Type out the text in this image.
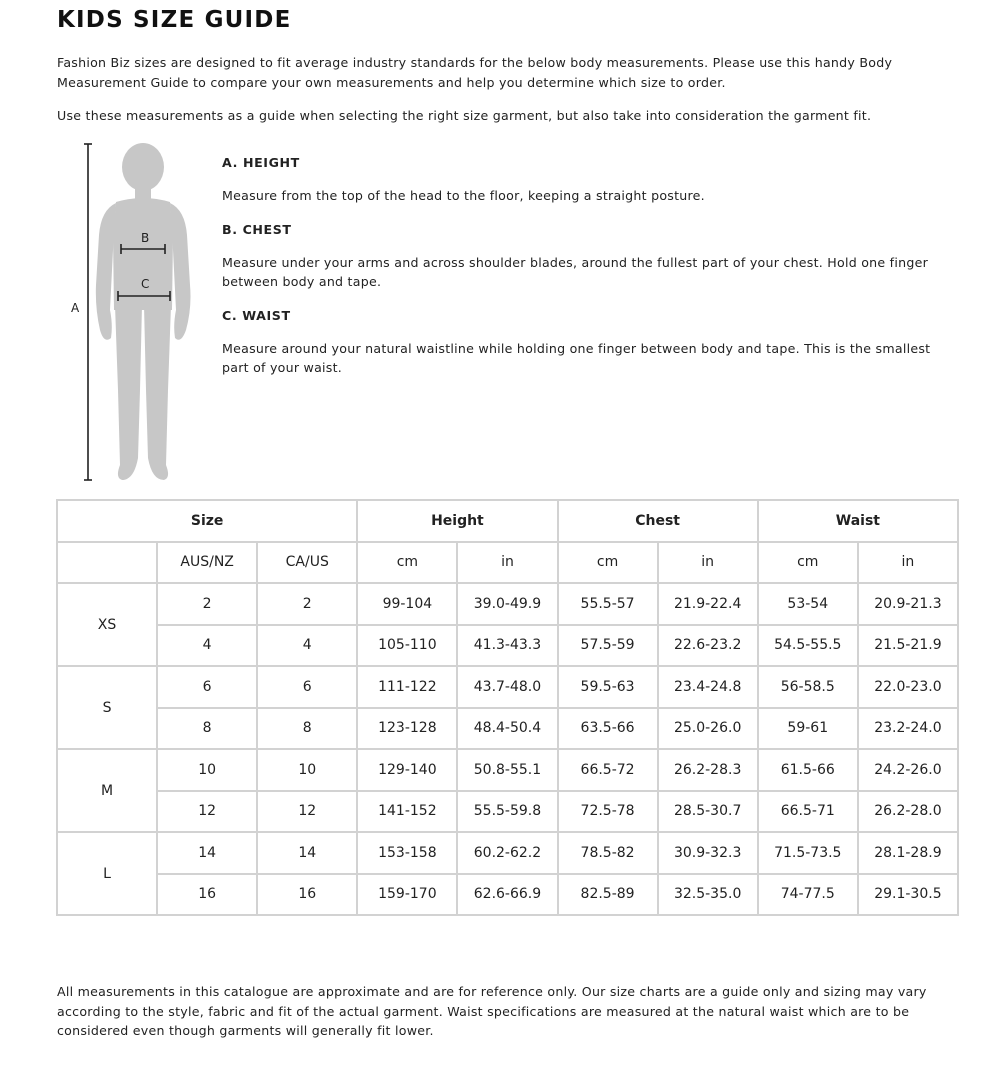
KIDS SIZE GUIDE

Fashion Biz sizes are designed to fit average industry standards for the below body measurements. Please use this handy Body Measurement Guide to compare your own measurements and help you determine which size to order.

Use these measurements as a guide when selecting the right size garment, but also take into consideration the garment fit.

A
B
C

A. HEIGHT

Measure from the top of the head to the floor, keeping a straight posture.

B. CHEST

Measure under your arms and across shoulder blades, around the fullest part of your chest. Hold one finger between body and tape.

C. WAIST

Measure around your natural waistline while holding one finger between body and tape. This is the smallest part of your waist.

Size			Height		Chest		Waist	
	AUS/NZ	CA/US	cm	in	cm	in	cm	in
XS	2	2	99-104	39.0-49.9	55.5-57	21.9-22.4	53-54	20.9-21.3
	4	4	105-110	41.3-43.3	57.5-59	22.6-23.2	54.5-55.5	21.5-21.9
S	6	6	111-122	43.7-48.0	59.5-63	23.4-24.8	56-58.5	22.0-23.0
	8	8	123-128	48.4-50.4	63.5-66	25.0-26.0	59-61	23.2-24.0
M	10	10	129-140	50.8-55.1	66.5-72	26.2-28.3	61.5-66	24.2-26.0
	12	12	141-152	55.5-59.8	72.5-78	28.5-30.7	66.5-71	26.2-28.0
L	14	14	153-158	60.2-62.2	78.5-82	30.9-32.3	71.5-73.5	28.1-28.9
	16	16	159-170	62.6-66.9	82.5-89	32.5-35.0	74-77.5	29.1-30.5

All measurements in this catalogue are approximate and are for reference only. Our size charts are a guide only and sizing may vary according to the style, fabric and fit of the actual garment. Waist specifications are measured at the natural waist which are to be considered even though garments will generally fit lower.
